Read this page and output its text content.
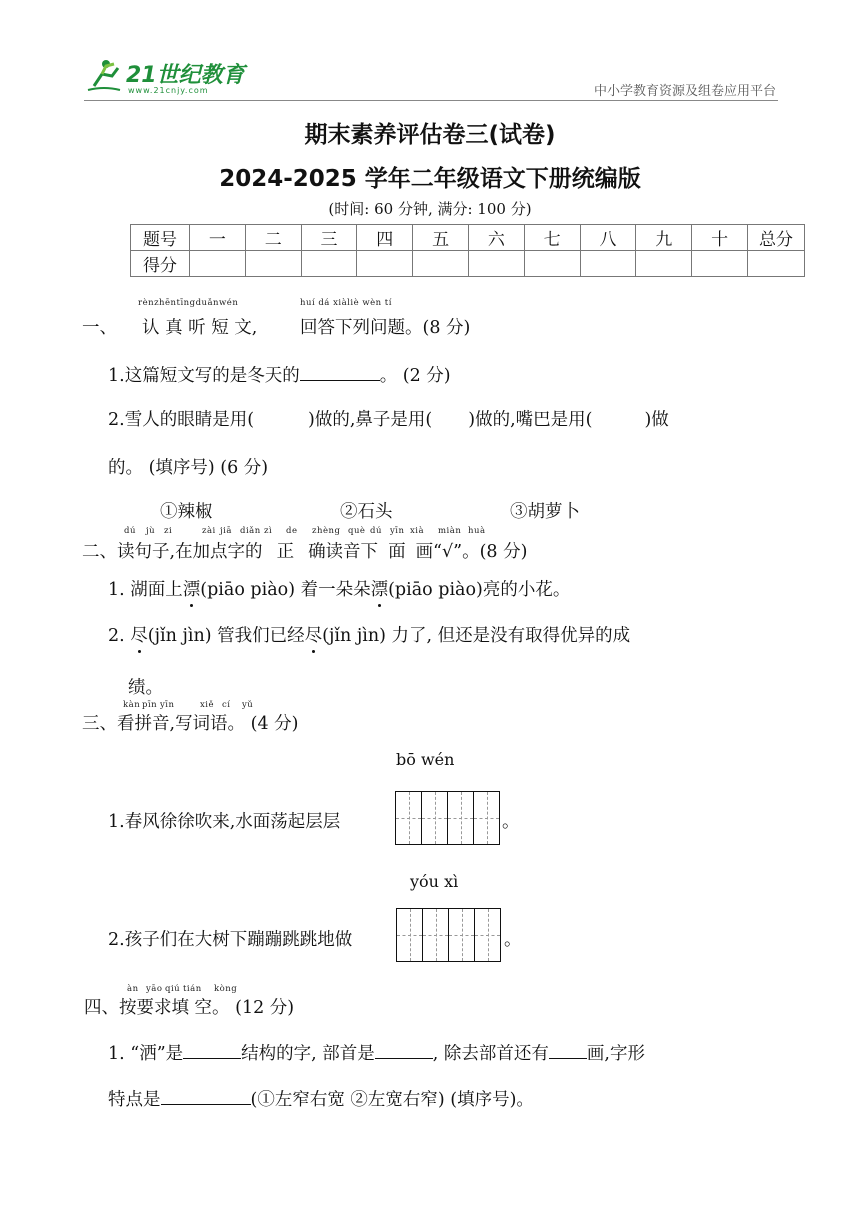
21世纪教育
www.21cnjy.com	中小学教育资源及组卷应用平台
期末素养评估卷三(试卷)
2024-2025 学年二年级语文下册统编版
(时间: 60 分钟, 满分: 100 分)
题号	一	二	三	四	五	六	七	八	九	十	总分
得分											
rènzhēntīngduǎnwén	huí dá xiàliè wèn tí
一、 认 真 听 短 文, 回答下列问题。(8 分)
1.这篇短文写的是冬天的	。 (2 分)
2.雪人的眼睛是用(	)做的,鼻子是用( )做的,嘴巴是用(	)做
的。 (填序号) (6 分)
①辣椒	②石头	③胡萝卜
dú jù zi	zài jiā diǎn zì de zhèng què dú yīn xià miàn huà
二、读句子,在加点字的 正 确读音下 面 画“√”。(8 分)
1. 湖面上漂(piāo piào) 着一朵朵漂(piāo piào)亮的小花。
2. 尽(jǐn jìn) 管我们已经尽(jǐn jìn) 力了, 但还是没有取得优异的成
绩。
kàn pīn yīn	xiě cí yǔ
三、看拼音,写词语。 (4 分)
bō wén
1.春风徐徐吹来,水面荡起层层	。
yóu xì
2.孩子们在大树下蹦蹦跳跳地做	。
àn yāo qiú tián kòng
四、按要求填 空。 (12 分)
1. “洒”是	结构的字, 部首是	, 除去部首还有 画,字形
特点是	(①左窄右宽 ②左宽右窄) (填序号)。
